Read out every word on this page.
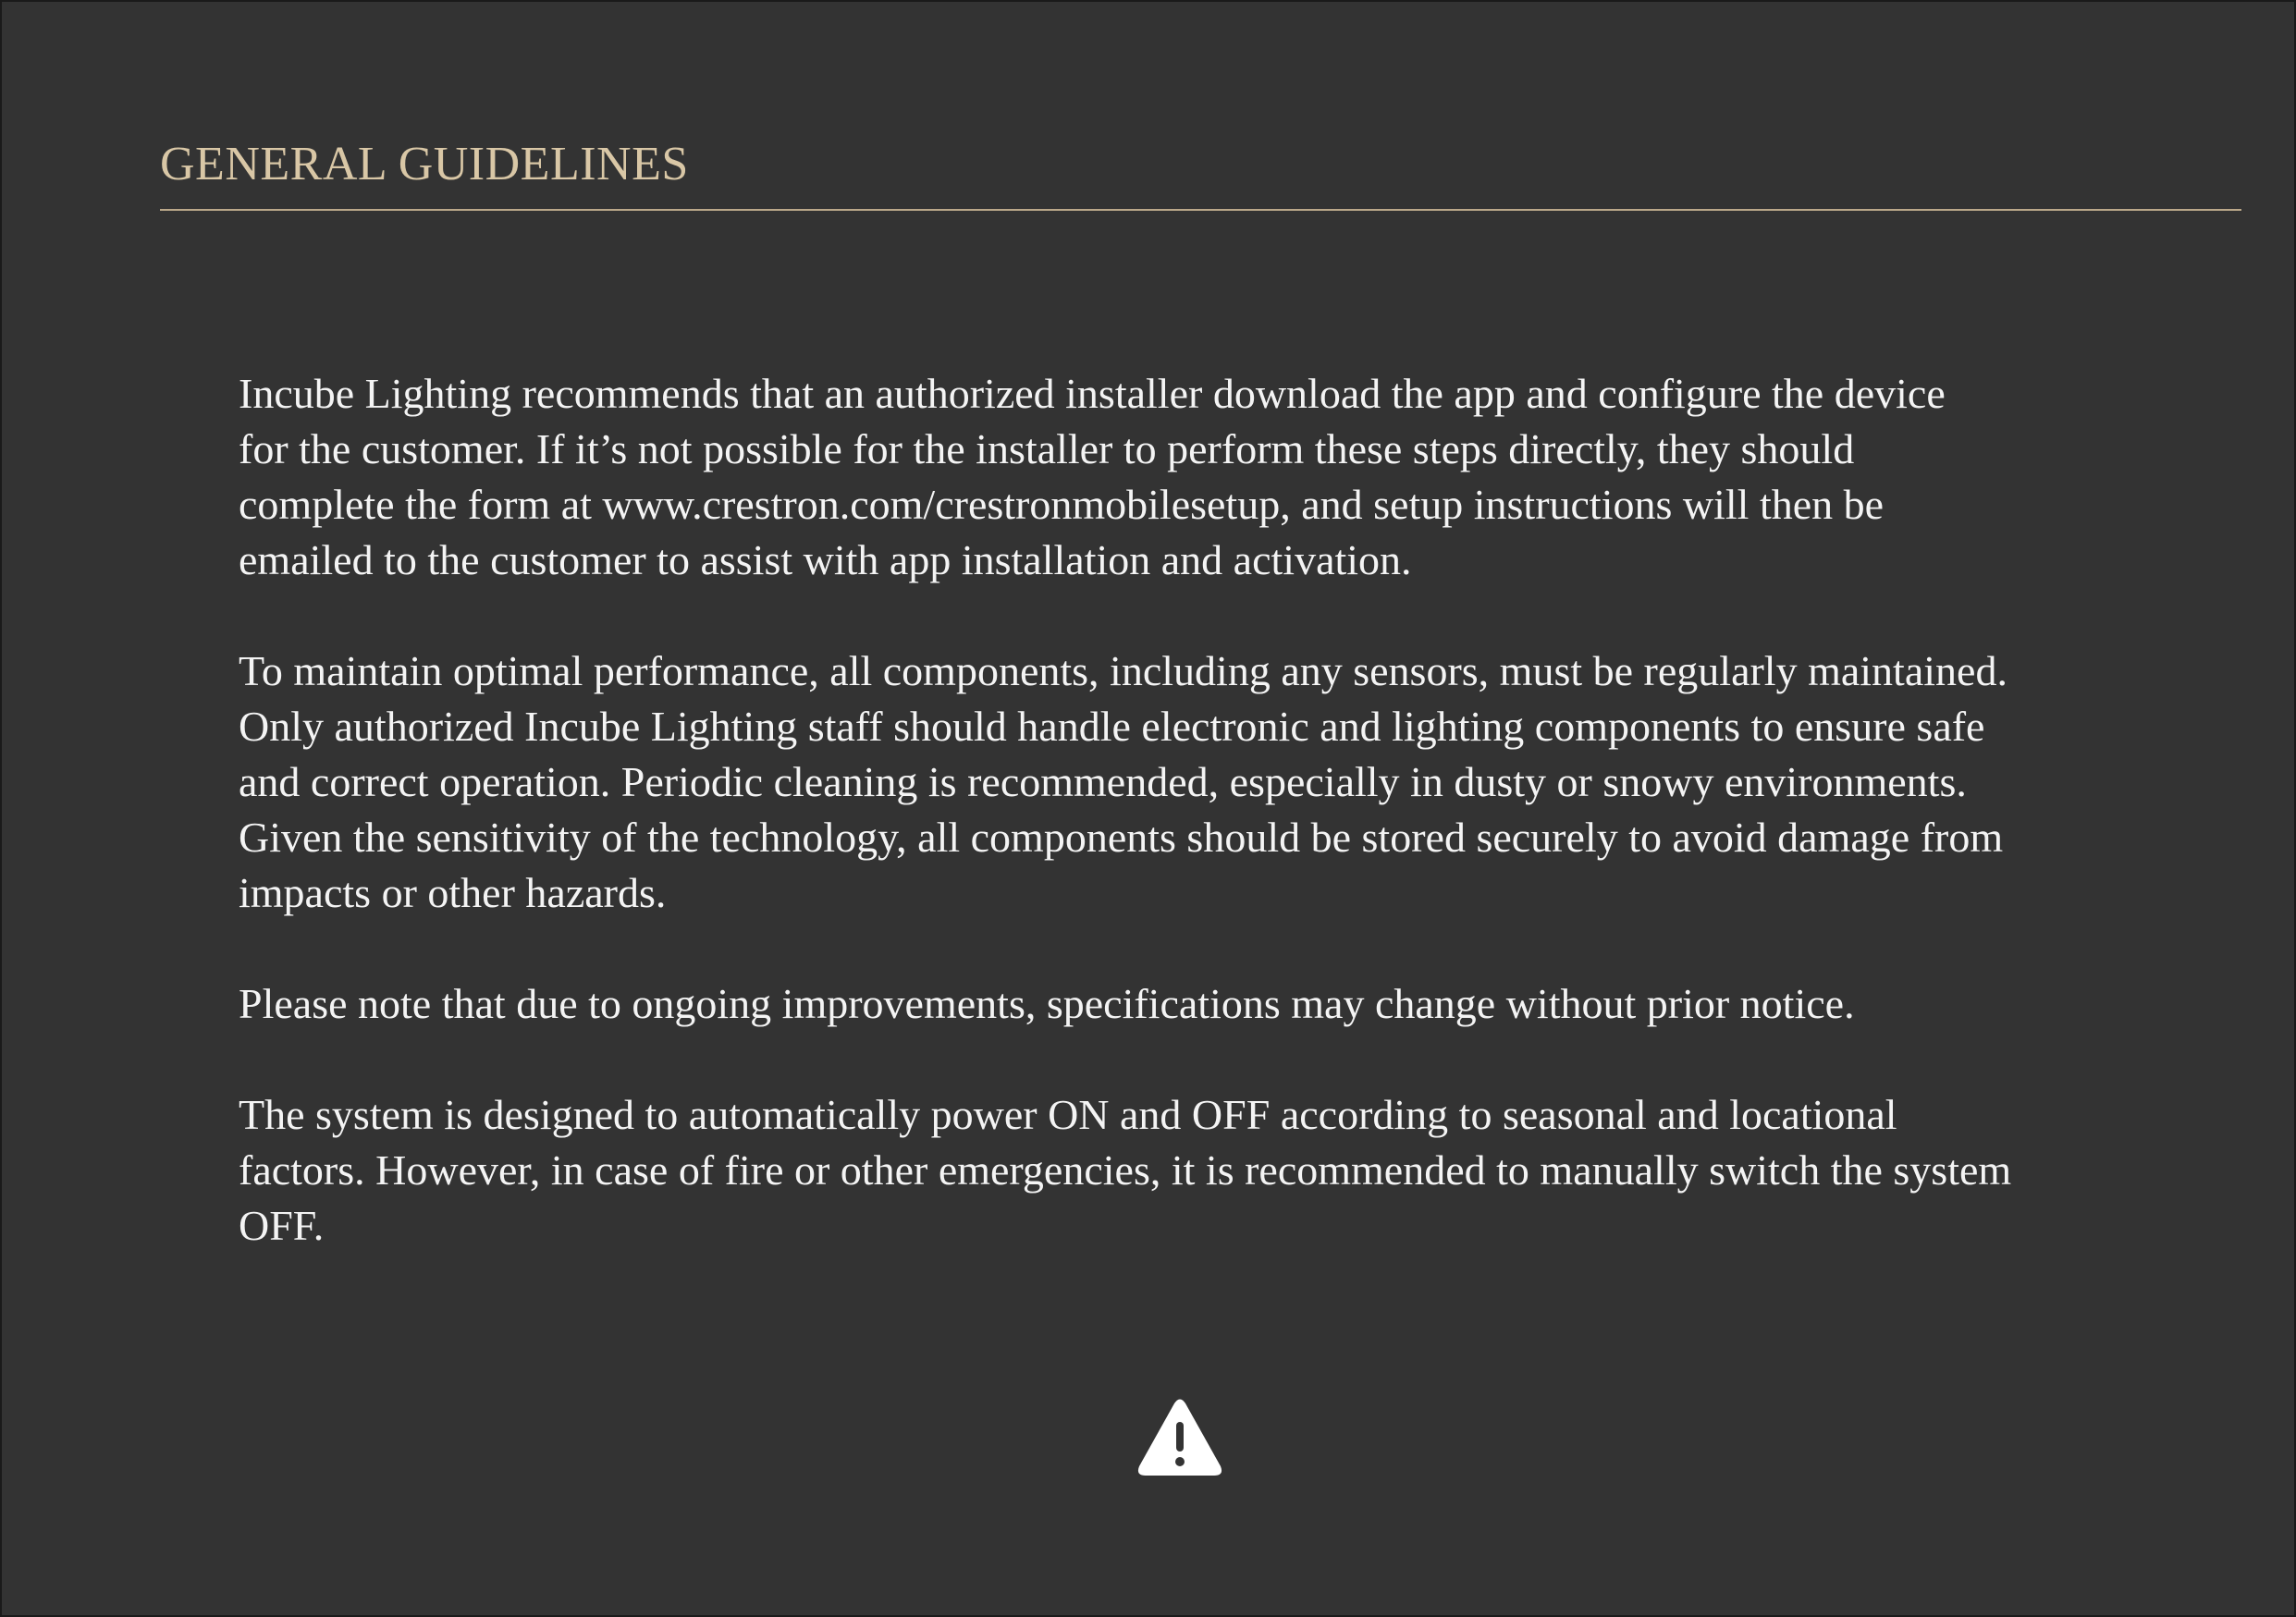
GENERAL GUIDELINES

Incube Lighting recommends that an authorized installer download the app and configure the device
for the customer. If it’s not possible for the installer to perform these steps directly, they should
complete the form at www.crestron.com/crestronmobilesetup, and setup instructions will then be
emailed to the customer to assist with app installation and activation.

To maintain optimal performance, all components, including any sensors, must be regularly maintained.
Only authorized Incube Lighting staff should handle electronic and lighting components to ensure safe
and correct operation. Periodic cleaning is recommended, especially in dusty or snowy environments.
Given the sensitivity of the technology, all components should be stored securely to avoid damage from
impacts or other hazards.

Please note that due to ongoing improvements, specifications may change without prior notice.

The system is designed to automatically power ON and OFF according to seasonal and locational
factors. However, in case of fire or other emergencies, it is recommended to manually switch the system
OFF.
